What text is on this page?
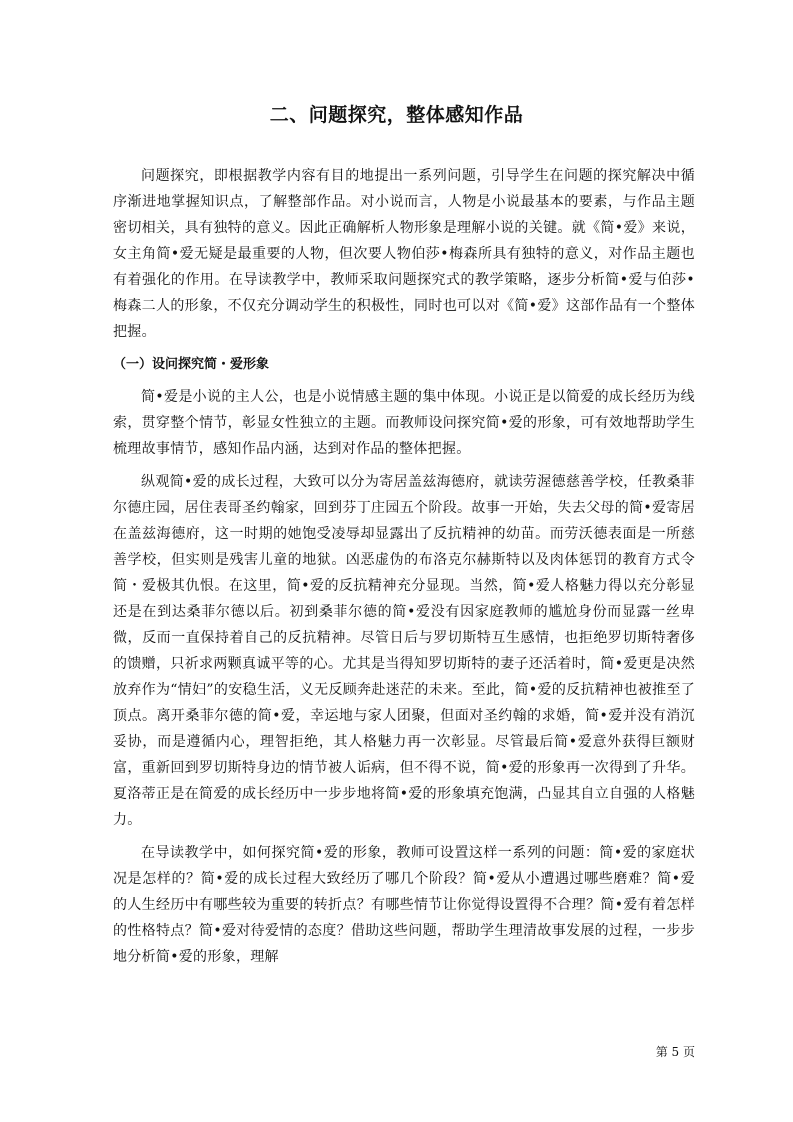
二、问题探究，整体感知作品

问题探究，即根据教学内容有目的地提出一系列问题，引导学生在问题的探究解决中循序渐进地掌握知识点，了解整部作品。对小说而言，人物是小说最基本的要素，与作品主题密切相关，具有独特的意义。因此正确解析人物形象是理解小说的关键。就《简•爱》来说，女主角简•爱无疑是最重要的人物，但次要人物伯莎•梅森所具有独特的意义，对作品主题也有着强化的作用。在导读教学中，教师采取问题探究式的教学策略，逐步分析简•爱与伯莎•梅森二人的形象，不仅充分调动学生的积极性，同时也可以对《简•爱》这部作品有一个整体把握。

（一）设问探究简・爱形象

简•爱是小说的主人公，也是小说情感主题的集中体现。小说正是以简爱的成长经历为线索，贯穿整个情节，彰显女性独立的主题。而教师设问探究简•爱的形象，可有效地帮助学生梳理故事情节，感知作品内涵，达到对作品的整体把握。

纵观简•爱的成长过程，大致可以分为寄居盖兹海德府，就读劳渥德慈善学校，任教桑菲尔德庄园，居住表哥圣约翰家，回到芬丁庄园五个阶段。故事一开始，失去父母的简•爱寄居在盖兹海德府，这一时期的她饱受凌辱却显露出了反抗精神的幼苗。而劳沃德表面是一所慈善学校，但实则是残害儿童的地狱。凶恶虚伪的布洛克尔赫斯特以及肉体惩罚的教育方式令简・爱极其仇恨。在这里，简•爱的反抗精神充分显现。当然，简•爱人格魅力得以充分彰显还是在到达桑菲尔德以后。初到桑菲尔德的简•爱没有因家庭教师的尴尬身份而显露一丝卑微，反而一直保持着自己的反抗精神。尽管日后与罗切斯特互生感情，也拒绝罗切斯特奢侈的馈赠，只祈求两颗真诚平等的心。尤其是当得知罗切斯特的妻子还活着时，简•爱更是决然放弃作为“情妇”的安稳生活，义无反顾奔赴迷茫的未来。至此，简•爱的反抗精神也被推至了顶点。离开桑菲尔德的简•爱，幸运地与家人团聚，但面对圣约翰的求婚，简•爱并没有消沉妥协，而是遵循内心，理智拒绝，其人格魅力再一次彰显。尽管最后简•爱意外获得巨额财富，重新回到罗切斯特身边的情节被人诟病，但不得不说，简•爱的形象再一次得到了升华。夏洛蒂正是在简爱的成长经历中一步步地将简•爱的形象填充饱满，凸显其自立自强的人格魅力。

在导读教学中，如何探究简•爱的形象，教师可设置这样一系列的问题：简•爱的家庭状况是怎样的？简•爱的成长过程大致经历了哪几个阶段？简•爱从小遭遇过哪些磨难？简•爱的人生经历中有哪些较为重要的转折点？有哪些情节让你觉得设置得不合理？简•爱有着怎样的性格特点？简•爱对待爱情的态度？借助这些问题，帮助学生理清故事发展的过程，一步步地分析简•爱的形象，理解

第 5 页
